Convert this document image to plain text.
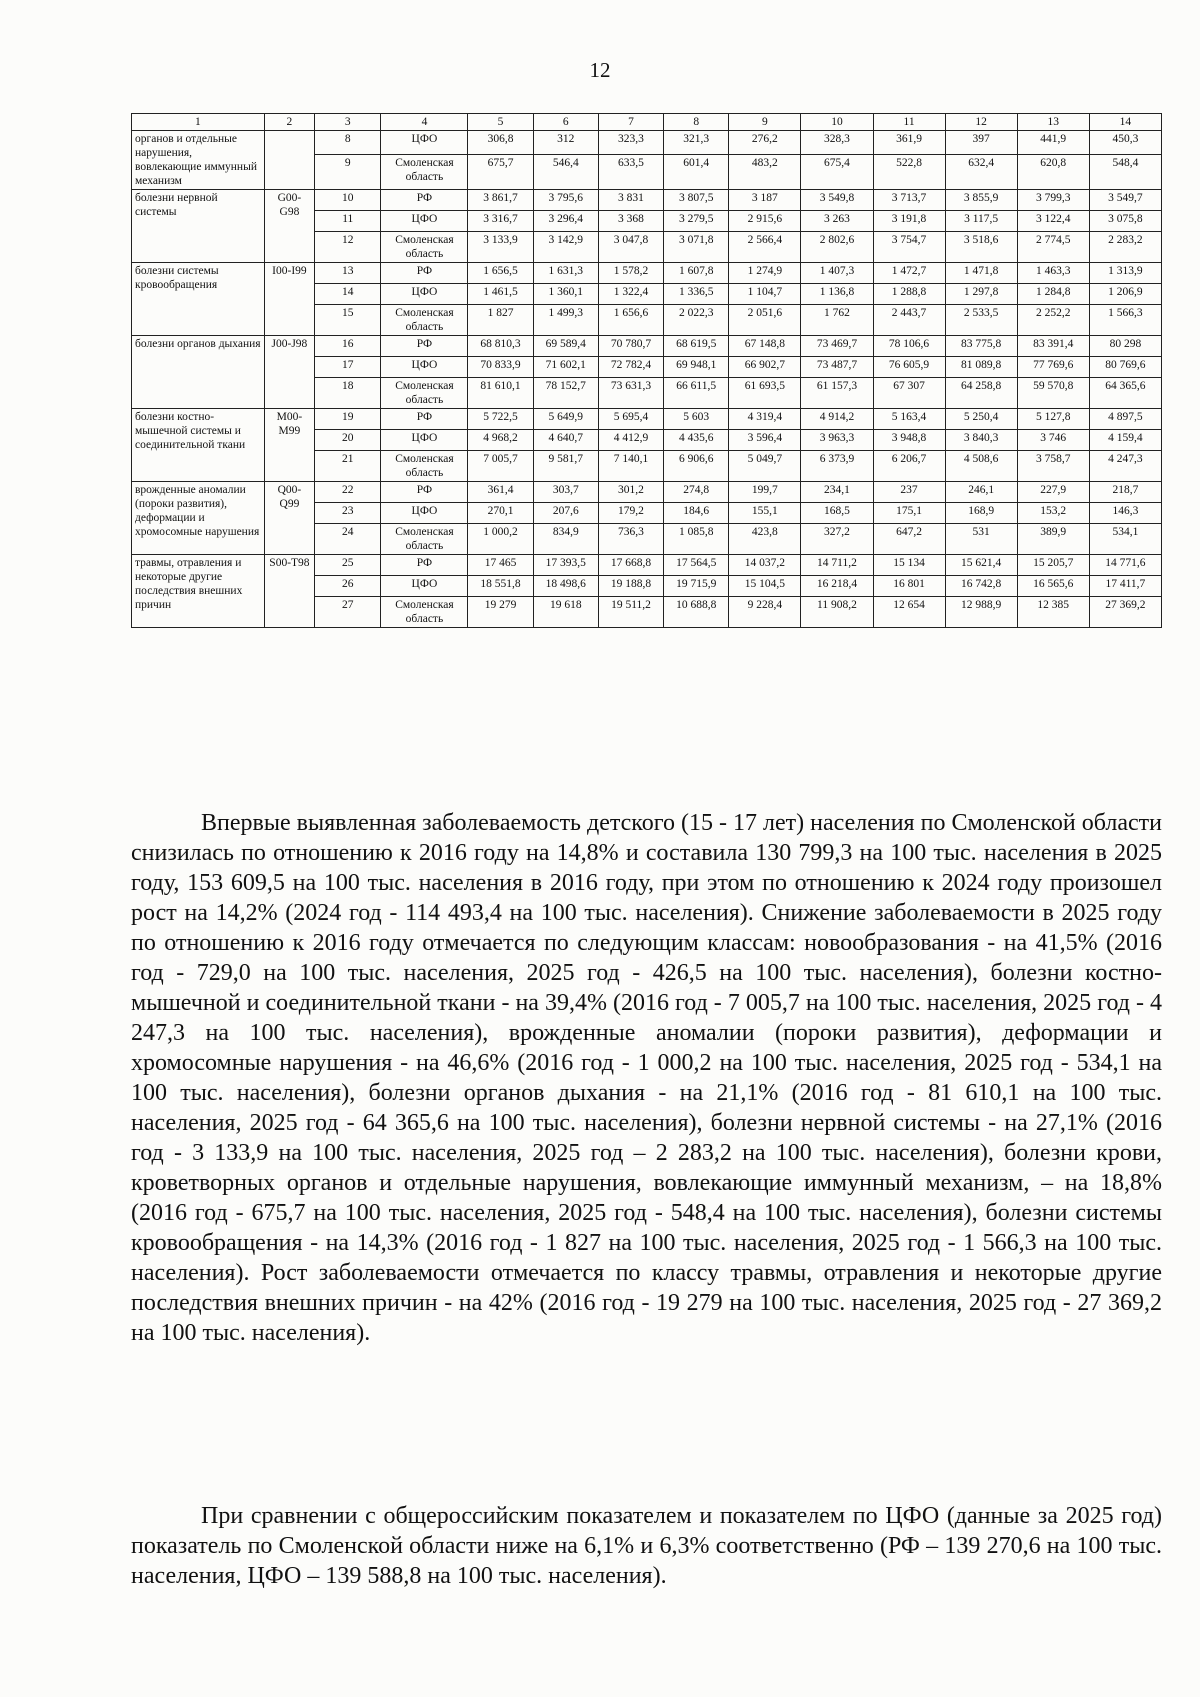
12
1	2	3	4	5	6	7	8	9	10	11	12	13	14
органов и отдельные нарушения, вовлекающие иммунный механизм		8	ЦФО	306,8	312	323,3	321,3	276,2	328,3	361,9	397	441,9	450,3
		9	Смоленская область	675,7	546,4	633,5	601,4	483,2	675,4	522,8	632,4	620,8	548,4
болезни нервной системы	G00-G98	10	РФ	3 861,7	3 795,6	3 831	3 807,5	3 187	3 549,8	3 713,7	3 855,9	3 799,3	3 549,7
		11	ЦФО	3 316,7	3 296,4	3 368	3 279,5	2 915,6	3 263	3 191,8	3 117,5	3 122,4	3 075,8
		12	Смоленская область	3 133,9	3 142,9	3 047,8	3 071,8	2 566,4	2 802,6	3 754,7	3 518,6	2 774,5	2 283,2
болезни системы кровообращения	I00-I99	13	РФ	1 656,5	1 631,3	1 578,2	1 607,8	1 274,9	1 407,3	1 472,7	1 471,8	1 463,3	1 313,9
		14	ЦФО	1 461,5	1 360,1	1 322,4	1 336,5	1 104,7	1 136,8	1 288,8	1 297,8	1 284,8	1 206,9
		15	Смоленская область	1 827	1 499,3	1 656,6	2 022,3	2 051,6	1 762	2 443,7	2 533,5	2 252,2	1 566,3
болезни органов дыхания	J00-J98	16	РФ	68 810,3	69 589,4	70 780,7	68 619,5	67 148,8	73 469,7	78 106,6	83 775,8	83 391,4	80 298
		17	ЦФО	70 833,9	71 602,1	72 782,4	69 948,1	66 902,7	73 487,7	76 605,9	81 089,8	77 769,6	80 769,6
		18	Смоленская область	81 610,1	78 152,7	73 631,3	66 611,5	61 693,5	61 157,3	67 307	64 258,8	59 570,8	64 365,6
болезни костно-мышечной системы и соединительной ткани	M00-M99	19	РФ	5 722,5	5 649,9	5 695,4	5 603	4 319,4	4 914,2	5 163,4	5 250,4	5 127,8	4 897,5
		20	ЦФО	4 968,2	4 640,7	4 412,9	4 435,6	3 596,4	3 963,3	3 948,8	3 840,3	3 746	4 159,4
		21	Смоленская область	7 005,7	9 581,7	7 140,1	6 906,6	5 049,7	6 373,9	6 206,7	4 508,6	3 758,7	4 247,3
врожденные аномалии (пороки развития), деформации и хромосомные нарушения	Q00-Q99	22	РФ	361,4	303,7	301,2	274,8	199,7	234,1	237	246,1	227,9	218,7
		23	ЦФО	270,1	207,6	179,2	184,6	155,1	168,5	175,1	168,9	153,2	146,3
		24	Смоленская область	1 000,2	834,9	736,3	1 085,8	423,8	327,2	647,2	531	389,9	534,1
травмы, отравления и некоторые другие последствия внешних причин	S00-T98	25	РФ	17 465	17 393,5	17 668,8	17 564,5	14 037,2	14 711,2	15 134	15 621,4	15 205,7	14 771,6
		26	ЦФО	18 551,8	18 498,6	19 188,8	19 715,9	15 104,5	16 218,4	16 801	16 742,8	16 565,6	17 411,7
		27	Смоленская область	19 279	19 618	19 511,2	10 688,8	9 228,4	11 908,2	12 654	12 988,9	12 385	27 369,2

Впервые выявленная заболеваемость детского (15 - 17 лет) населения по Смоленской области снизилась по отношению к 2016 году на 14,8% и составила 130 799,3 на 100 тыс. населения в 2025 году, 153 609,5 на 100 тыс. населения в 2016 году, при этом по отношению к 2024 году произошел рост на 14,2% (2024 год - 114 493,4 на 100 тыс. населения). Снижение заболеваемости в 2025 году по отношению к 2016 году отмечается по следующим классам: новообразования - на 41,5% (2016 год - 729,0 на 100 тыс. населения, 2025 год - 426,5 на 100 тыс. населения), болезни костно-мышечной и соединительной ткани - на 39,4% (2016 год - 7 005,7 на 100 тыс. населения, 2025 год - 4 247,3 на 100 тыс. населения), врожденные аномалии (пороки развития), деформации и хромосомные нарушения - на 46,6% (2016 год - 1 000,2 на 100 тыс. населения, 2025 год - 534,1 на 100 тыс. населения), болезни органов дыхания - на 21,1% (2016 год - 81 610,1 на 100 тыс. населения, 2025 год - 64 365,6 на 100 тыс. населения), болезни нервной системы - на 27,1% (2016 год - 3 133,9 на 100 тыс. населения, 2025 год – 2 283,2 на 100 тыс. населения), болезни крови, кроветворных органов и отдельные нарушения, вовлекающие иммунный механизм, – на 18,8% (2016 год - 675,7 на 100 тыс. населения, 2025 год - 548,4 на 100 тыс. населения), болезни системы кровообращения - на 14,3% (2016 год - 1 827 на 100 тыс. населения, 2025 год - 1 566,3 на 100 тыс. населения). Рост заболеваемости отмечается по классу травмы, отравления и некоторые другие последствия внешних причин - на 42% (2016 год - 19 279 на 100 тыс. населения, 2025 год - 27 369,2 на 100 тыс. населения).

При сравнении с общероссийским показателем и показателем по ЦФО (данные за 2025 год) показатель по Смоленской области ниже на 6,1% и 6,3% соответственно (РФ – 139 270,6 на 100 тыс. населения, ЦФО – 139 588,8 на 100 тыс. населения).
